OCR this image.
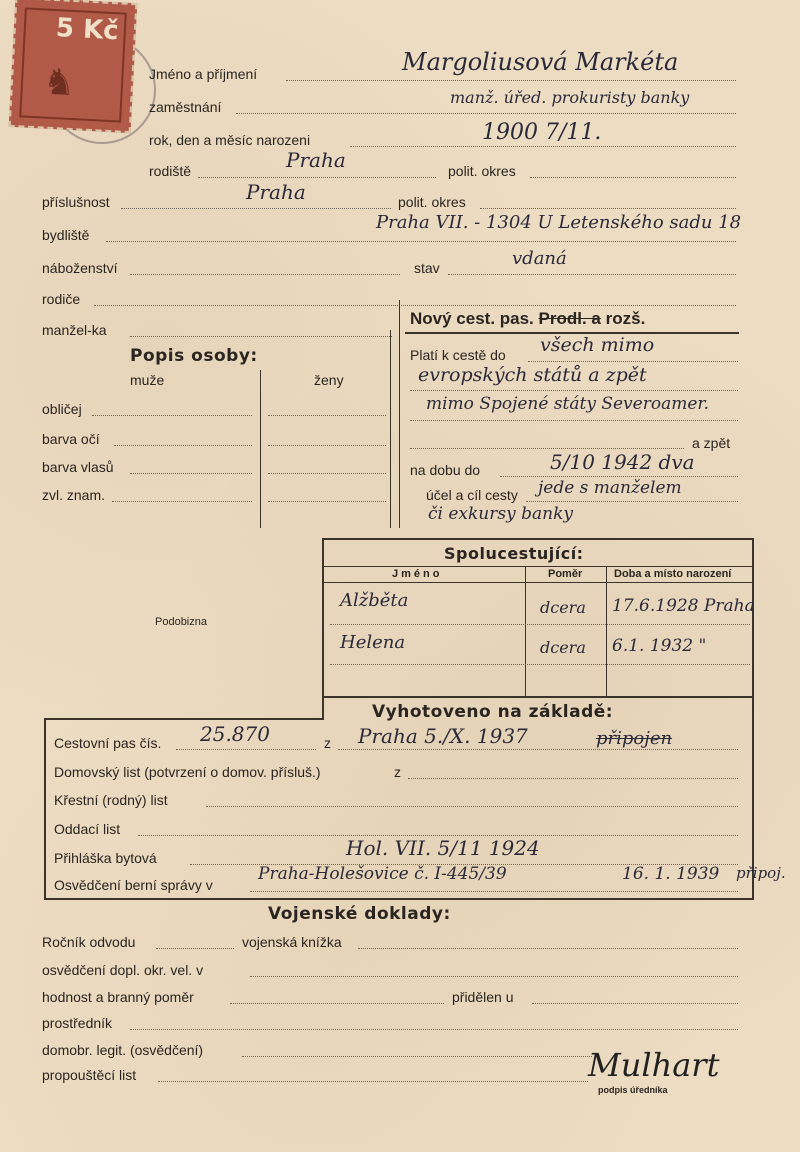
5 Kč
♞	Jméno a příjmení	Margoliusová Markéta
zaměstnání	manž. úřed. prokuristy banky
rok, den a měsíc narozeni	1900 7/11.
rodiště	Praha	polit. okres
příslušnost	Praha	polit. okres
bydliště
Praha VII. - 1304 U Letenského sadu 18
náboženství	stav	vdaná
rodiče
manžel-ka
Popis osoby:
muže	ženy
obličej
barva očí
barva vlasů
zvl. znam.
Nový cest. pas. Prodl. a rozš.
Platí k cestě do všech mimo
evropských států a zpět
mimo Spojené státy Severoamer.
a zpět
na dobu do	5/10 1942 dva
účel a cíl cesty jede s manželem
či exkursy banky
Podobizna
Spolucestující:
Jméno	Poměr	Doba a místo narození
Alžběta	dcera 17.6.1928 Praha
Helena	dcera 6.1. 1932 "
Vyhotoveno na základě:
Cestovní pas čís. 25.870	z Praha 5./X. 1937	připojen
Domovský list (potvrzení o domov. přísluš.)	z
Křestní (rodný) list
Oddací list
Přihláška bytová	Hol. VII. 5/11 1924
Osvědčení berní správy v
Praha-Holešovice č. I-445/39	16. 1. 1939 připoj.
Vojenské doklady:
Ročník odvodu	vojenská knížka
osvědčení dopl. okr. vel. v
hodnost a branný poměr	přidělen u
prostředník
domobr. legit. (osvědčení)
propouštěcí list	Mulhart
podpis úředníka
